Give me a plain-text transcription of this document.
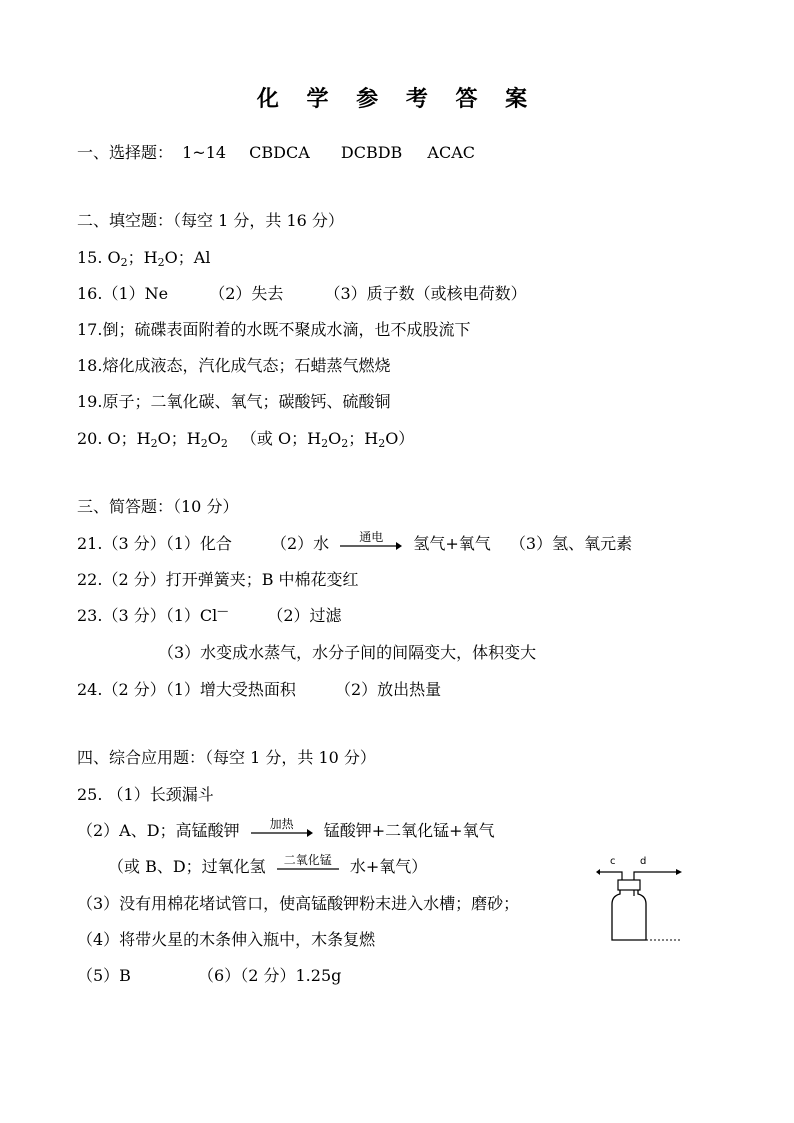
化 学 参 考 答 案
一、选择题： 1~14 CBDCA DCBDB ACAC
二、填空题：（每空 1 分，共 16 分）
15. $O_2$；$H_2O$；Al
16.（1）Ne	（2）失去	（3）质子数（或核电荷数）
17.倒；硫碟表面附着的水既不聚成水滴，也不成股流下
18.熔化成液态，汽化成气态；石蜡蒸气燃烧
19.原子；二氧化碳、氧气；碳酸钙、硫酸铜
20. O；$H_2O$；$H_2O_2$ （或 O；$H_2O_2$；$H_2O$）
三、简答题：（10 分）
21.（3 分）（1）化合 （2）水	通电	氢气+氧气 （3）氢、氧元素
22.（2 分）打开弹簧夹；B 中棉花变红
23.（3 分）（1）Cl— （2）过滤
（3）水变成水蒸气，水分子间的间隔变大，体积变大
24.（2 分）（1）增大受热面积 （2）放出热量
四、综合应用题：（每空 1 分，共 10 分）
25. （1）长颈漏斗
（2）A、D；高锰酸钾	加热	锰酸钾+二氧化锰+氧气
（或 B、D；过氧化氢	二氧化锰	水+氧气）
（3）没有用棉花堵试管口，使高锰酸钾粉末进入水槽；磨砂；
（4）将带火星的木条伸入瓶中，木条复燃
（5）B	（6）（2 分）1.25g
c d
